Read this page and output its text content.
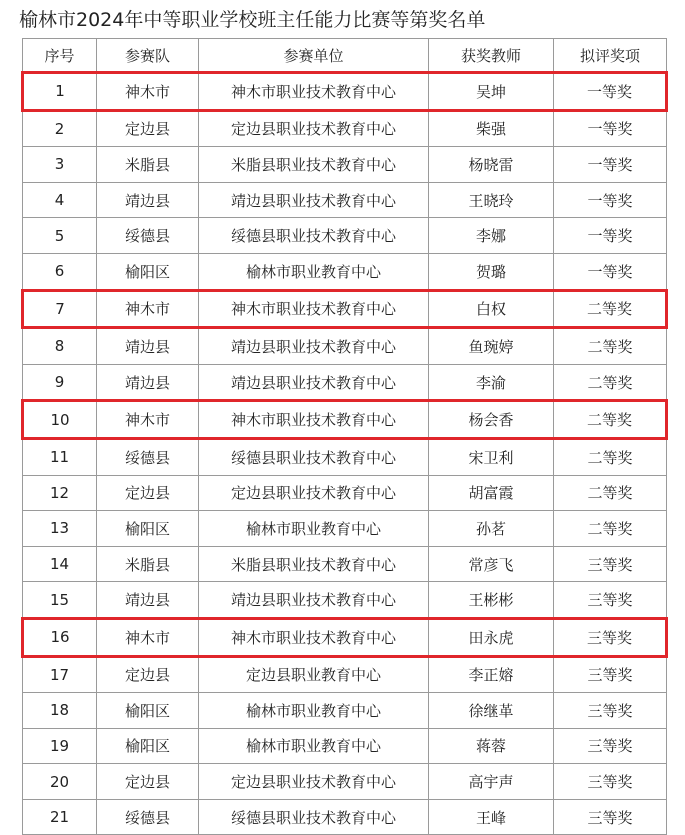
榆林市2024年中等职业学校班主任能力比赛等第奖名单
序号	参赛队	参赛单位	获奖教师	拟评奖项
1	神木市	神木市职业技术教育中心	吴坤	一等奖
2	定边县	定边县职业技术教育中心	柴强	一等奖
3	米脂县	米脂县职业技术教育中心	杨晓雷	一等奖
4	靖边县	靖边县职业技术教育中心	王晓玲	一等奖
5	绥德县	绥德县职业技术教育中心	李娜	一等奖
6	榆阳区	榆林市职业教育中心	贺璐	一等奖
7	神木市	神木市职业技术教育中心	白权	二等奖
8	靖边县	靖边县职业技术教育中心	鱼琬婷	二等奖
9	靖边县	靖边县职业技术教育中心	李渝	二等奖
10	神木市	神木市职业技术教育中心	杨会香	二等奖
11	绥德县	绥德县职业技术教育中心	宋卫利	二等奖
12	定边县	定边县职业技术教育中心	胡富霞	二等奖
13	榆阳区	榆林市职业教育中心	孙茗	二等奖
14	米脂县	米脂县职业技术教育中心	常彦飞	三等奖
15	靖边县	靖边县职业技术教育中心	王彬彬	三等奖
16	神木市	神木市职业技术教育中心	田永虎	三等奖
17	定边县	定边县职业教育中心	李正嫆	三等奖
18	榆阳区	榆林市职业教育中心	徐继革	三等奖
19	榆阳区	榆林市职业教育中心	蒋蓉	三等奖
20	定边县	定边县职业技术教育中心	高宇声	三等奖
21	绥德县	绥德县职业技术教育中心	王峰	三等奖
